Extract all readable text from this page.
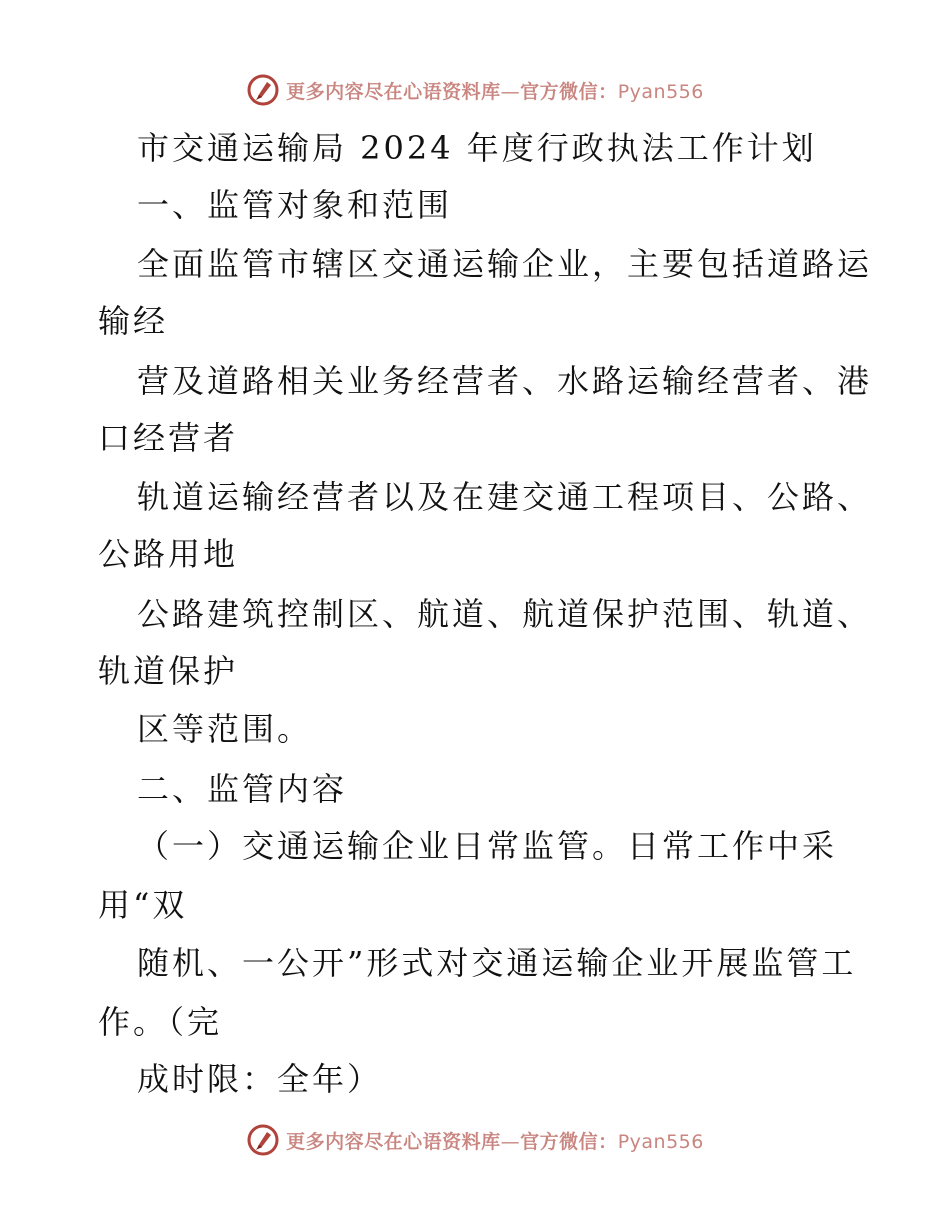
更多内容尽在心语资料库—官方微信：Pyan556
市交通运输局 2024 年度行政执法工作计划
一、监管对象和范围
全面监管市辖区交通运输企业，主要包括道路运
输经
营及道路相关业务经营者、水路运输经营者、港
口经营者
轨道运输经营者以及在建交通工程项目、公路、
公路用地
公路建筑控制区、航道、航道保护范围、轨道、
轨道保护
区等范围。
二、监管内容
（一）交通运输企业日常监管。日常工作中采
用“双
随机、一公开”形式对交通运输企业开展监管工
作。（完
成时限：全年）
更多内容尽在心语资料库—官方微信：Pyan556
